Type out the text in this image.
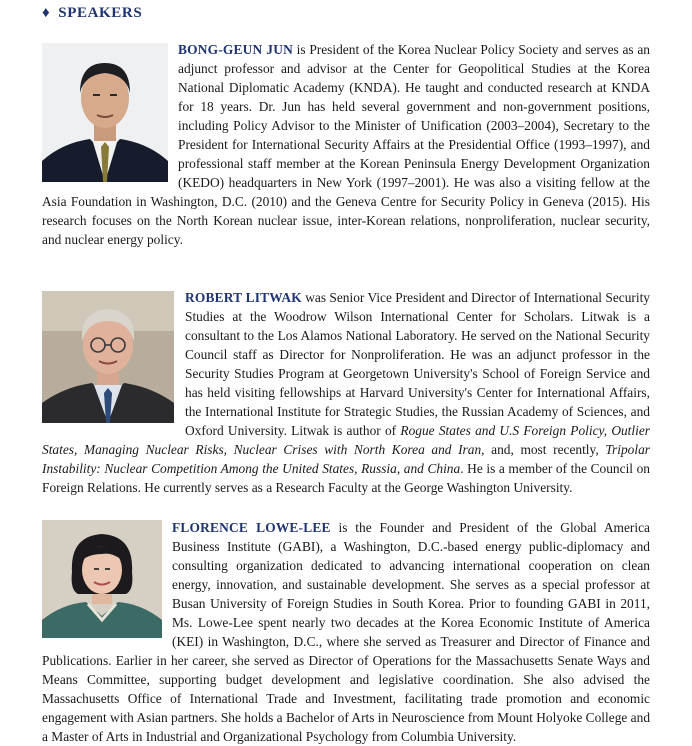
♦ SPEAKERS
BONG-GEUN JUN is President of the Korea Nuclear Policy Society and serves as an adjunct professor and advisor at the Center for Geopolitical Studies at the Korea National Diplomatic Academy (KNDA). He taught and conducted research at KNDA for 18 years. Dr. Jun has held several government and non-government positions, including Policy Advisor to the Minister of Unification (2003–2004), Secretary to the President for International Security Affairs at the Presidential Office (1993–1997), and professional staff member at the Korean Peninsula Energy Development Organization (KEDO) headquarters in New York (1997–2001). He was also a visiting fellow at the Asia Foundation in Washington, D.C. (2010) and the Geneva Centre for Security Policy in Geneva (2015). His research focuses on the North Korean nuclear issue, inter-Korean relations, nonproliferation, nuclear security, and nuclear energy policy.
ROBERT LITWAK was Senior Vice President and Director of International Security Studies at the Woodrow Wilson International Center for Scholars. Litwak is a consultant to the Los Alamos National Laboratory. He served on the National Security Council staff as Director for Nonproliferation. He was an adjunct professor in the Security Studies Program at Georgetown University's School of Foreign Service and has held visiting fellowships at Harvard University's Center for International Affairs, the International Institute for Strategic Studies, the Russian Academy of Sciences, and Oxford University. Litwak is author of Rogue States and U.S Foreign Policy, Outlier States, Managing Nuclear Risks, Nuclear Crises with North Korea and Iran, and, most recently, Tripolar Instability: Nuclear Competition Among the United States, Russia, and China. He is a member of the Council on Foreign Relations. He currently serves as a Research Faculty at the George Washington University.
FLORENCE LOWE-LEE is the Founder and President of the Global America Business Institute (GABI), a Washington, D.C.-based energy public-diplomacy and consulting organization dedicated to advancing international cooperation on clean energy, innovation, and sustainable development. She serves as a special professor at Busan University of Foreign Studies in South Korea. Prior to founding GABI in 2011, Ms. Lowe-Lee spent nearly two decades at the Korea Economic Institute of America (KEI) in Washington, D.C., where she served as Treasurer and Director of Finance and Publications. Earlier in her career, she served as Director of Operations for the Massachusetts Senate Ways and Means Committee, supporting budget development and legislative coordination. She also advised the Massachusetts Office of International Trade and Investment, facilitating trade promotion and economic engagement with Asian partners. She holds a Bachelor of Arts in Neuroscience from Mount Holyoke College and a Master of Arts in Industrial and Organizational Psychology from Columbia University.
